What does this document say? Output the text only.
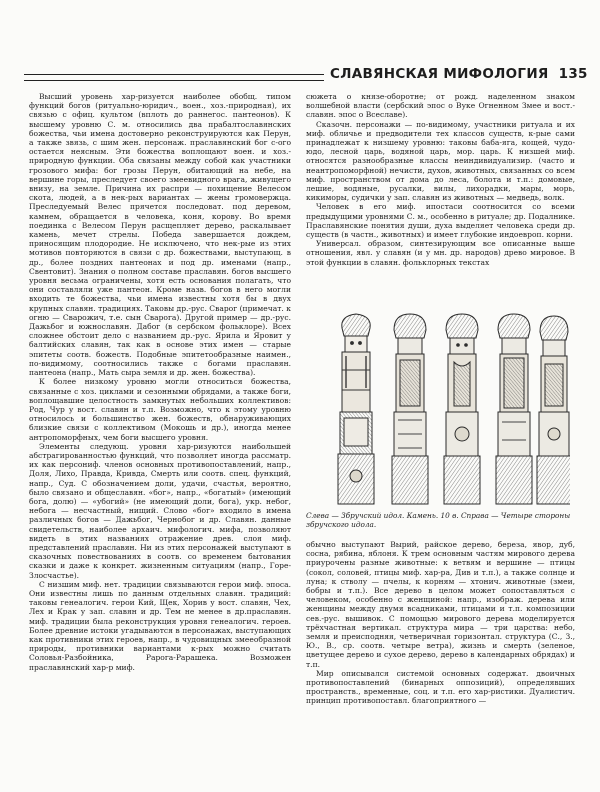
СЛАВЯНСКАЯ МИФОЛОГИЯ 135

Высший уровень хар-ризуется наиболее обобщ. типом функций богов (ритуально-юридич., воен., хоз.-природная), их связью с офиц. культом (вплоть до раннегос. пантеонов). К высшему уровню С. м. относились два прабалтославянских божества, чьи имена достоверно реконструируются как Перун, а также звязь, с шим жен. персонаж. праславянский бог с-ого остается неясным. Эти божества воплощают воен. и хоз.-природную функции. Оба связаны между собой как участники грозового мифа: бог грозы Перун, обитающий на небе, на вершине горы, преследует своего змеевидного врага, живущего внизу, на земле. Причина их распри — похищение Велесом скота, людей, а в нек-рых вариантах — жены громовержца. Преследуемый Велес прячется последоват. под деревом, камнем, обращается в человека, коня, корову. Во время поединка с Велесом Перун расщепляет дерево, раскалывает камень, мечет стрелы. Победа завершается дождем, приносящим плодородие. Не исключено, что нек-рые из этих мотивов повторяются в связи с др. божествами, выступающ. в др., более поздних пантеонах и под др. именами (напр., Свентовит). Знания о полном составе праславян. богов высшего уровня весьма ограничены, хотя есть основания полагать, что они составляли уже пантеон. Кроме назв. богов в него могли входить те божества, чьи имена известны хотя бы в двух крупных славян. традициях. Таковы др.-рус. Сварог (примечат. к огню — Сварожич, т.е. сын Сварога). Другой пример — др.-рус. Дажьбог и южнославян. Дабог (в сербском фольклоре). Всех сложнее обстоит дело с названием др.-рус. Ярила и Яровит у балтийских славян, так как в основе этих имен — старые эпитеты соотв. божеств. Подобные эпитетообразные наимен., по-видимому, соотносились также с богами праславян. пантеона (напр., Мать сыра земля и др. жен. божества).

К более низкому уровню могли относиться божества, связанные с хоз. циклами и сезонными обрядами, а также боги, воплощавшие целостность замкнутых небольших коллективов: Род, Чур у вост. славян и т.п. Возможно, что к этому уровню относилось и большинство жен. божеств, обнаруживающих близкие связи с коллективом (Мокошь и др.), иногда менее антропоморфных, чем боги высшего уровня.

Элементы следующ. уровня хар-ризуются наибольшей абстрагированностью функций, что позволяет иногда рассматр. их как персониф. членов основных противопоставлений, напр., Доля, Лихо, Правда, Кривда, Смерть или соотв. спец. функций, напр., Суд. С обозначением доли, удачи, счастья, вероятно, было связано и общеславян. «бог», напр., «богатый» (имеющий бога, долю) — «убогий» (не имеющий доли, бога), укр. небог, небога — несчастный, нищий. Слово «бог» входило в имена различных богов — Дажьбог, Чернобог и др. Славян. данные свидетельств, наиболее архаич. мифологич. мифа, позволяют видеть в этих названиях отражение древ. слоя миф. представлений праславян. Ни из этих персонажей выступают в сказочных повествованиях в соотв. со временем бытования сказки и даже к конкрет. жизненным ситуациям (напр., Горе-Злосчастье).

С низшим миф. нет. традиции связываются герои миф. эпоса. Они известны лишь по данным отдельных славян. традиций: таковы генеалогич. герои Кий, Щек, Хорив у вост. славян, Чех, Лех и Крак у зап. славян и др. Тем не менее в др.праславян. миф. традиции была реконструкция уровня генеалогич. героев. Более древние истоки угадываются в персонажах, выступающих как противники этих героев, напр., в чудовищных змееобразной природы, противники вариантами к-рых можно считать Соловья-Разбойника, Рарога-Рарашека. Возможен праславянский хар-р миф.

сюжета о князе-оборотне; от рожд. наделенном знаком волшебной власти (сербский эпос о Вуке Огненном Змее и вост.-славян. эпос о Всеславе).

Сказочн. персонажи — по-видимому, участники ритуала и их миф. обличье и предводители тех классов существ, к-рые сами принадлежат к низшему уровню: таковы баба-яга, кощей, чудо-юдо, лесной царь, водяной царь, мор. царь. К низшей миф. относятся разнообразные классы неиндивидуализир. (часто и неантропоморфной) нечисти, духов, животных, связанных со всем миф. пространством от дома до леса, болота и т.п.: домовые, лешие, водяные, русалки, вилы, лихорадки, мары, морь, кикиморы, судички у зап. славян из животных — медведь, волк.

Человек в его миф. ипостаси соотносится со всеми предыдущими уровнями С. м., особенно в ритуале; др. Подалнике. Праславянские понятия души, духа выделяет человека среди др. существ (в частн., животных) и имеет глубокие индоевроп. корни.

Универсал. образом, синтезирующим все описанные выше отношения, явл. у славян (и у мн. др. народов) древо мировое. В этой функции в славян. фольклорных текстах

Слева — Збручский идол. Камень. 10 в. Справа — Четыре стороны збручского идола.

обычно выступают Вырий, райское дерево, береза, явор, дуб, сосна, рябина, яблоня. К трем основным частям мирового дерева приурочены разные животные: к ветвям и вершине — птицы (сокол, соловей, птицы миф. хар-ра, Див и т.п.), а также солнце и луна; к стволу — пчелы, к корням — хтонич. животные (змеи, бобры и т.п.). Все дерево в целом может сопоставляться с человеком, особенно с женщиной: напр., изображ. дерева или женщины между двумя всадниками, птицами и т.п. композиции сев.-рус. вышивок. С помощью мирового дерева моделируется трёхчастная вертикал. структура мира — три царства: небо, земля и преисподняя, четверичная горизонтал. структура (С., З., Ю., В., ср. соотв. четыре ветра), жизнь и смерть (зеленое, цветущее дерево и сухое дерево, дерево в календарных обрядах) и т.п.

Мир описывался системой основных содержат. двоичных противопоставлений (бинарных оппозиций), определявших пространств., временные, соц. и т.п. его хар-ристики. Дуалистич. принцип противопоставл. благоприятного —
